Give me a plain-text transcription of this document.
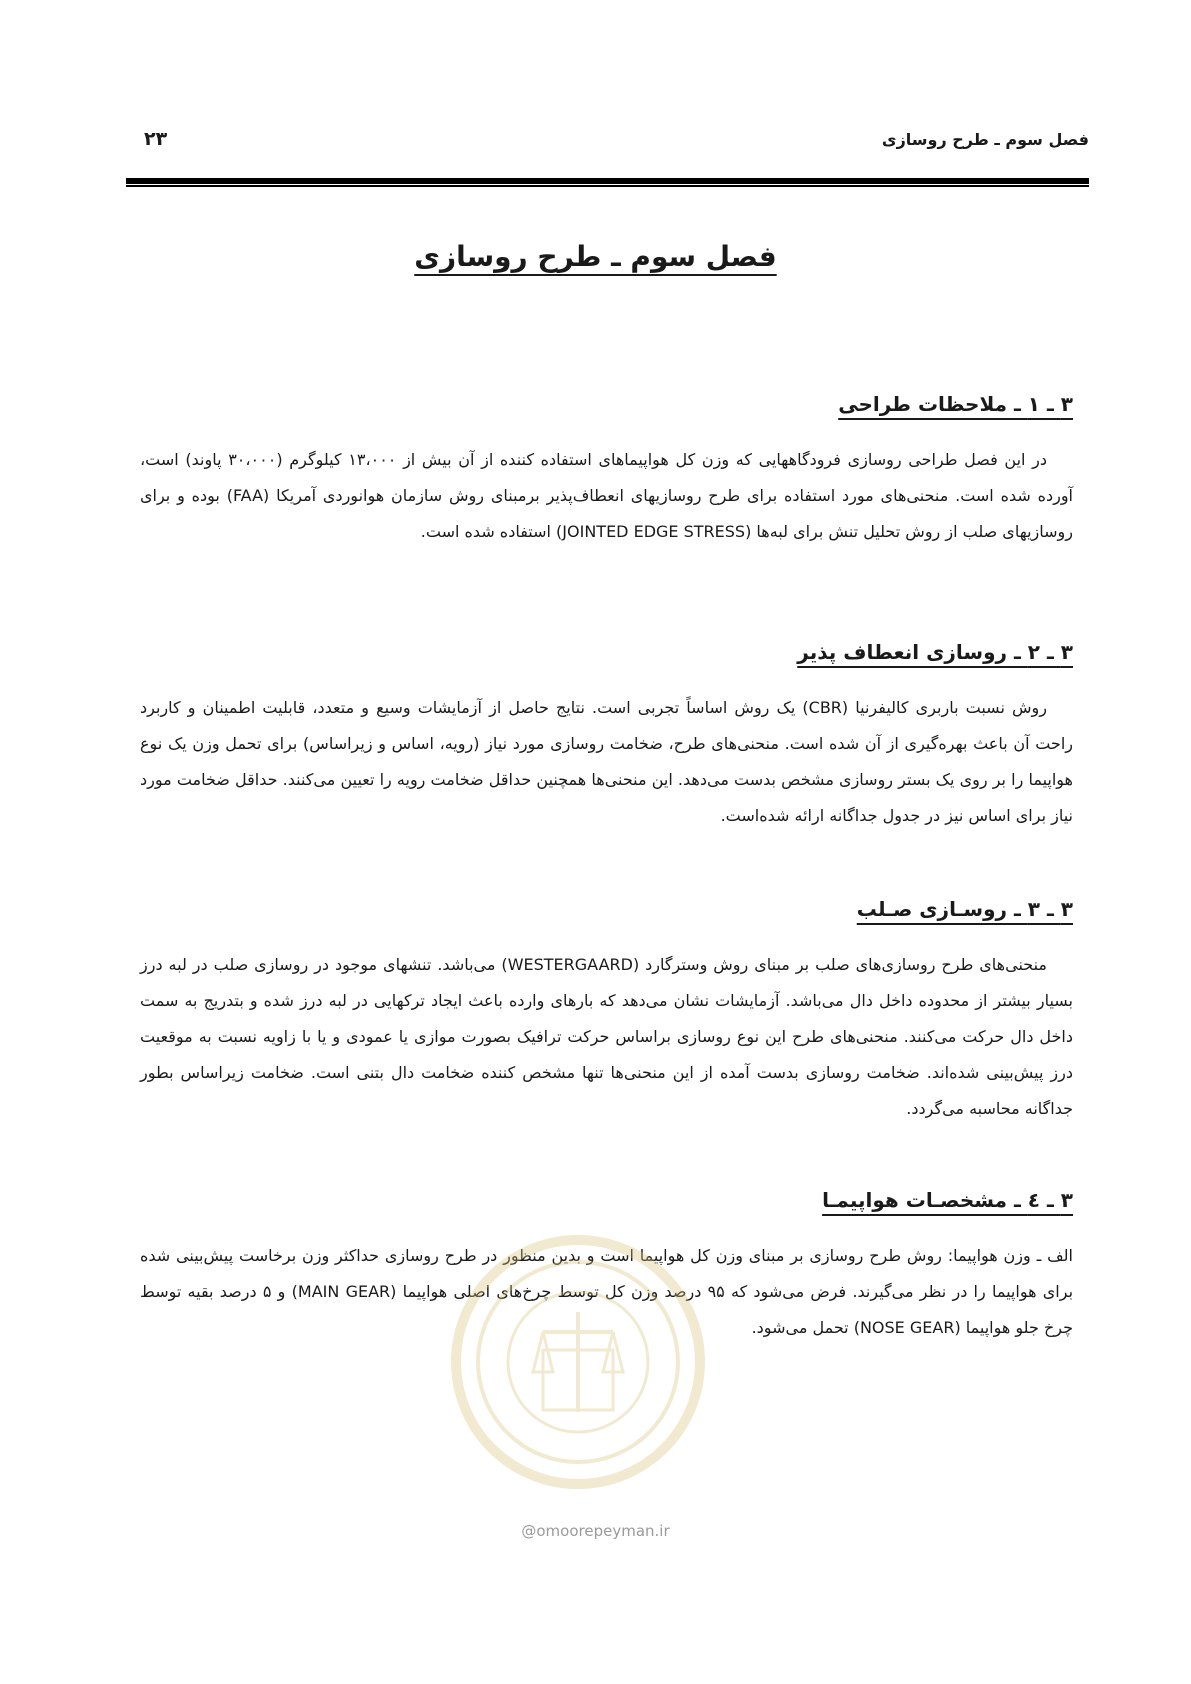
فصل سوم ـ طرح روسازی
۲۳
فصل سوم ـ طرح روسازی
۳ ـ ۱ ـ ملاحظات طراحی

در این فصل طراحی روسازی فرودگاههایی که وزن کل هواپیماهای استفاده کننده از آن بیش از ۱۳،۰۰۰ کیلوگرم (۳۰،۰۰۰ پاوند) است، آورده شده است. منحنی‌های مورد استفاده برای طرح روسازیهای انعطاف‌پذیر برمبنای روش سازمان هوانوردی آمریکا (FAA) بوده و برای روسازیهای صلب از روش تحلیل تنش برای لبه‌ها (JOINTED EDGE STRESS) استفاده شده است.

۳ ـ ۲ ـ روسازی انعطاف پذیر

روش نسبت باربری کالیفرنیا (CBR) یک روش اساساً تجربی است. نتایج حاصل از آزمایشات وسیع و متعدد، قابلیت اطمینان و کاربرد راحت آن باعث بهره‌گیری از آن شده است. منحنی‌های طرح، ضخامت روسازی مورد نیاز (رویه، اساس و زیراساس) برای تحمل وزن یک نوع هواپیما را بر روی یک بستر روسازی مشخص بدست می‌دهد. این منحنی‌ها همچنین حداقل ضخامت رویه را تعیین می‌کنند. حداقل ضخامت مورد نیاز برای اساس نیز در جدول جداگانه ارائه شده‌است.

۳ ـ ۳ ـ روسـازی صـلب

منحنی‌های طرح روسازی‌های صلب بر مبنای روش وسترگارد (WESTERGAARD) می‌باشد. تنشهای موجود در روسازی صلب در لبه درز بسیار بیشتر از محدوده داخل دال می‌باشد. آزمایشات نشان می‌دهد که بارهای وارده باعث ایجاد ترکهایی در لبه درز شده و بتدریج به سمت داخل دال حرکت می‌کنند. منحنی‌های طرح این نوع روسازی براساس حرکت ترافیک بصورت موازی یا عمودی و یا با زاویه نسبت به موقعیت درز پیش‌بینی شده‌اند. ضخامت روسازی بدست آمده از این منحنی‌ها تنها مشخص کننده ضخامت دال بتنی است. ضخامت زیراساس بطور جداگانه محاسبه می‌گردد.

۳ ـ ٤ ـ مشخصـات هواپیمـا

الف ـ وزن هواپیما: روش طرح روسازی بر مبنای وزن کل هواپیما است و بدین منظور در طرح روسازی حداکثر وزن برخاست پیش‌بینی شده برای هواپیما را در نظر می‌گیرند. فرض می‌شود که ۹۵ درصد وزن کل توسط چرخ‌های اصلی هواپیما (MAIN GEAR) و ۵ درصد بقیه توسط چرخ جلو هواپیما (NOSE GEAR) تحمل می‌شود.

@omoorepeyman.ir
